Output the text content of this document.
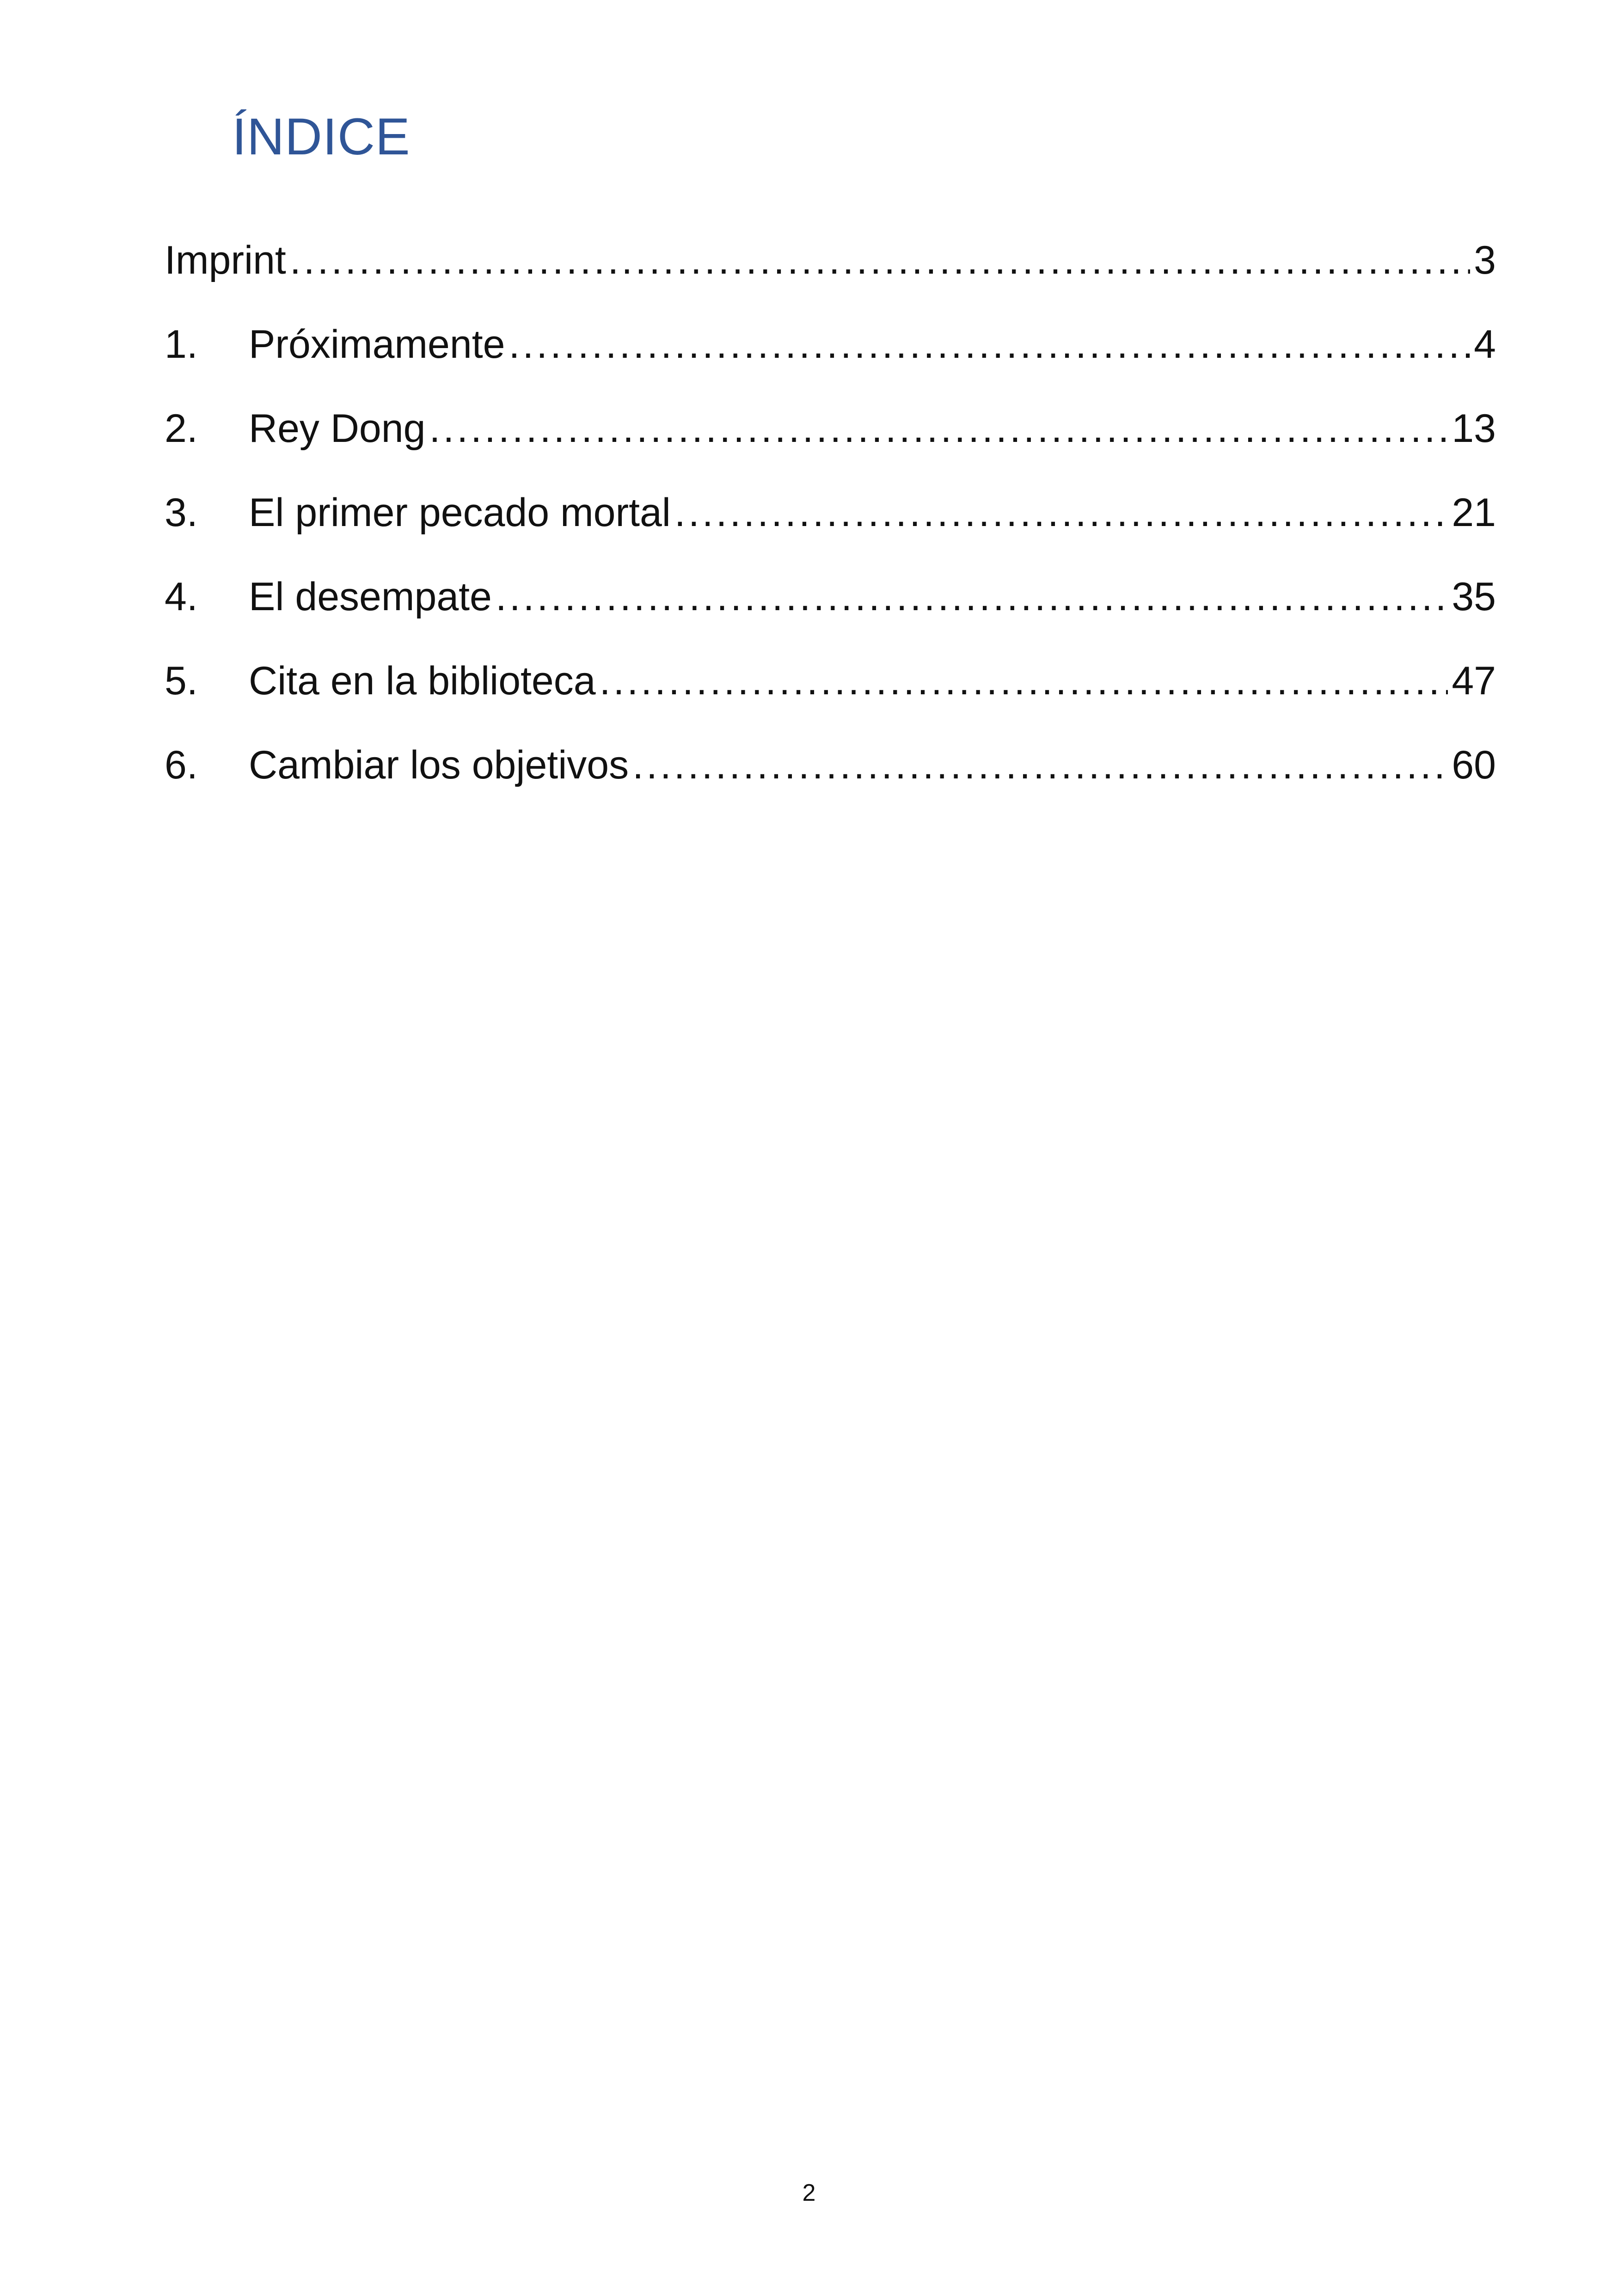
ÍNDICE
Imprint .....	3
1.	Próximamente .....	4
2.	Rey Dong .....	13
3.	El primer pecado mortal .....	21
4.	El desempate .....	35
5.	Cita en la biblioteca .....	47
6.	Cambiar los objetivos .....	60
2
